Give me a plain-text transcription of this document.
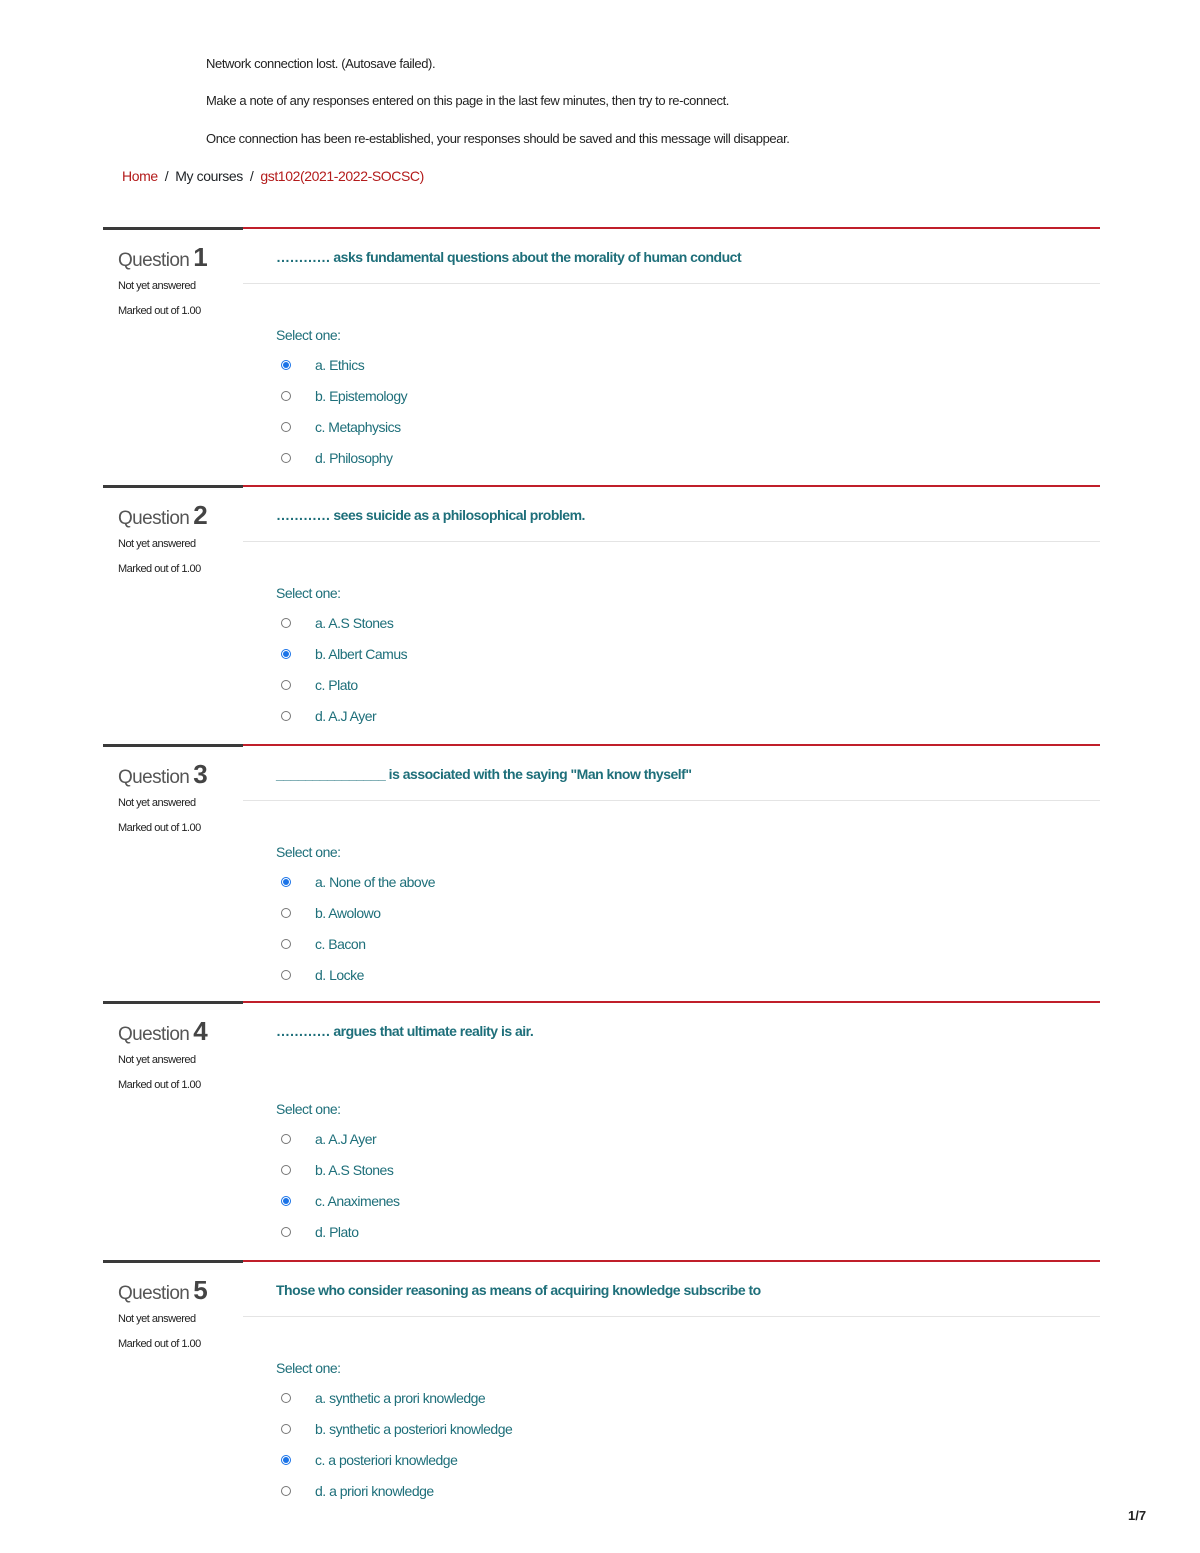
Network connection lost. (Autosave failed).
Make a note of any responses entered on this page in the last few minutes, then try to re-connect.
Once connection has been re-established, your responses should be saved and this message will disappear.
Home / My courses / gst102(2021-2022-SOCSC)
Question 1
Not yet answered
Marked out of 1.00
………… asks fundamental questions about the morality of human conduct
Select one:
a. Ethics
b. Epistemology
c. Metaphysics
d. Philosophy
Question 2
Not yet answered
Marked out of 1.00
………… sees suicide as a philosophical problem.
Select one:
a. A.S Stones
b. Albert Camus
c. Plato
d. A.J Ayer
Question 3
Not yet answered
Marked out of 1.00
_______________ is associated with the saying "Man know thyself"
Select one:
a. None of the above
b. Awolowo
c. Bacon
d. Locke
Question 4
Not yet answered
Marked out of 1.00
………… argues that ultimate reality is air.
Select one:
a. A.J Ayer
b. A.S Stones
c. Anaximenes
d. Plato
Question 5
Not yet answered
Marked out of 1.00
Those who consider reasoning as means of acquiring knowledge subscribe to
Select one:
a. synthetic a prori knowledge
b. synthetic a posteriori knowledge
c. a posteriori knowledge
d. a priori knowledge
1/7
